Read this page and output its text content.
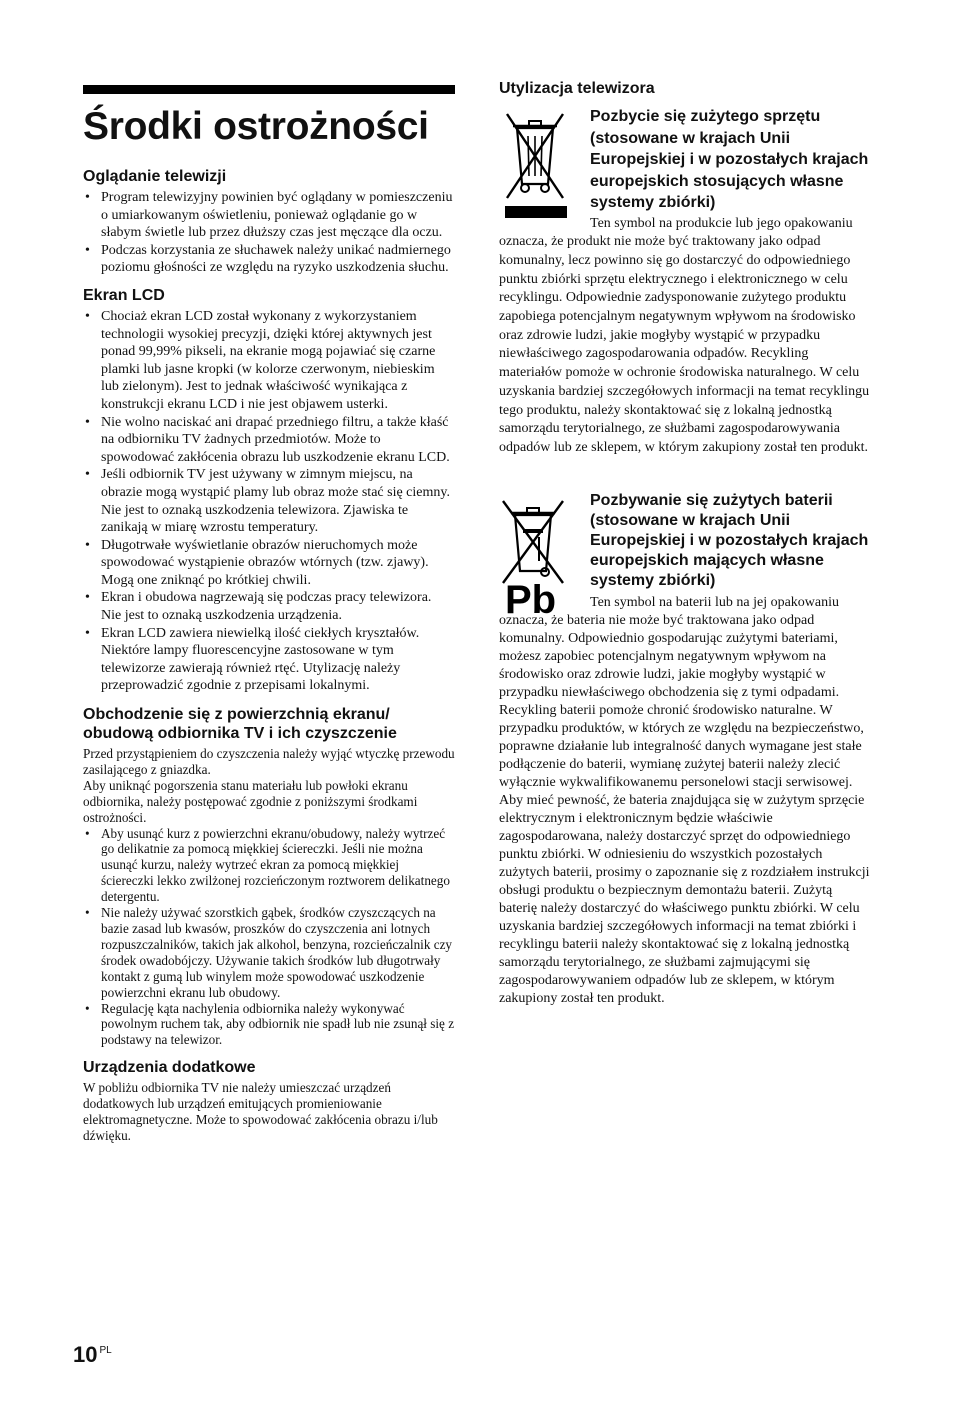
Środki ostrożności
Oglądanie telewizji
• Program telewizyjny powinien być oglądany w pomieszczeniu o umiarkowanym oświetleniu, ponieważ oglądanie go w słabym świetle lub przez dłuższy czas jest męczące dla oczu.
• Podczas korzystania ze słuchawek należy unikać nadmiernego poziomu głośności ze względu na ryzyko uszkodzenia słuchu.
Ekran LCD
• Chociaż ekran LCD został wykonany z wykorzystaniem technologii wysokiej precyzji, dzięki której aktywnych jest ponad 99,99% pikseli, na ekranie mogą pojawiać się czarne plamki lub jasne kropki (w kolorze czerwonym, niebieskim lub zielonym). Jest to jednak właściwość wynikająca z konstrukcji ekranu LCD i nie jest objawem usterki.
• Nie wolno naciskać ani drapać przedniego filtru, a także kłaść na odbiorniku TV żadnych przedmiotów. Może to spowodować zakłócenia obrazu lub uszkodzenie ekranu LCD.
• Jeśli odbiornik TV jest używany w zimnym miejscu, na obrazie mogą wystąpić plamy lub obraz może stać się ciemny. Nie jest to oznaką uszkodzenia telewizora. Zjawiska te zanikają w miarę wzrostu temperatury.
• Długotrwałe wyświetlanie obrazów nieruchomych może spowodować wystąpienie obrazów wtórnych (tzw. zjawy). Mogą one zniknąć po krótkiej chwili.
• Ekran i obudowa nagrzewają się podczas pracy telewizora. Nie jest to oznaką uszkodzenia urządzenia.
• Ekran LCD zawiera niewielką ilość ciekłych kryształów. Niektóre lampy fluorescencyjne zastosowane w tym telewizorze zawierają również rtęć. Utylizację należy przeprowadzić zgodnie z przepisami lokalnymi.
Obchodzenie się z powierzchnią ekranu/ obudową odbiornika TV i ich czyszczenie

Przed przystąpieniem do czyszczenia należy wyjąć wtyczkę przewodu zasilającego z gniazdka.

Aby uniknąć pogorszenia stanu materiału lub powłoki ekranu odbiornika, należy postępować zgodnie z poniższymi środkami ostrożności.

• Aby usunąć kurz z powierzchni ekranu/obudowy, należy wytrzeć go delikatnie za pomocą miękkiej ściereczki. Jeśli nie można usunąć kurzu, należy wytrzeć ekran za pomocą miękkiej ściereczki lekko zwilżonej rozcieńczonym roztworem delikatnego detergentu.
• Nie należy używać szorstkich gąbek, środków czyszczących na bazie zasad lub kwasów, proszków do czyszczenia ani lotnych rozpuszczalników, takich jak alkohol, benzyna, rozcieńczalnik czy środek owadobójczy. Używanie takich środków lub długotrwały kontakt z gumą lub winylem może spowodować uszkodzenie powierzchni ekranu lub obudowy.
• Regulację kąta nachylenia odbiornika należy wykonywać powolnym ruchem tak, aby odbiornik nie spadł lub nie zsunął się z podstawy na telewizor.
Urządzenia dodatkowe

W pobliżu odbiornika TV nie należy umieszczać urządzeń dodatkowych lub urządzeń emitujących promieniowanie elektromagnetyczne. Może to spowodować zakłócenia obrazu i/lub dźwięku.

Utylizacja telewizora
Pozbycie się zużytego sprzętu (stosowane w krajach Unii Europejskiej i w pozostałych krajach europejskich stosujących własne systemy zbiórki)

Ten symbol na produkcie lub jego opakowaniu oznacza, że produkt nie może być traktowany jako odpad komunalny, lecz powinno się go dostarczyć do odpowiedniego punktu zbiórki sprzętu elektrycznego i elektronicznego w celu recyklingu. Odpowiednie zadysponowanie zużytego produktu zapobiega potencjalnym negatywnym wpływom na środowisko oraz zdrowie ludzi, jakie mogłyby wystąpić w przypadku niewłaściwego zagospodarowania odpadów. Recykling materiałów pomoże w ochronie środowiska naturalnego. W celu uzyskania bardziej szczegółowych informacji na temat recyklingu tego produktu, należy skontaktować się z lokalną jednostką samorządu terytorialnego, ze służbami zagospodarowywania odpadów lub ze sklepem, w którym zakupiony został ten produkt.

Pb
Pozbywanie się zużytych baterii (stosowane w krajach Unii Europejskiej i w pozostałych krajach europejskich mających własne systemy zbiórki)

Ten symbol na baterii lub na jej opakowaniu oznacza, że bateria nie może być traktowana jako odpad komunalny. Odpowiednio gospodarując zużytymi bateriami, możesz zapobiec potencjalnym negatywnym wpływom na środowisko oraz zdrowie ludzi, jakie mogłyby wystąpić w przypadku niewłaściwego obchodzenia się z tymi odpadami. Recykling baterii pomoże chronić środowisko naturalne. W przypadku produktów, w których ze względu na bezpieczeństwo, poprawne działanie lub integralność danych wymagane jest stałe podłączenie do baterii, wymianę zużytej baterii należy zlecić wyłącznie wykwalifikowanemu personelowi stacji serwisowej. Aby mieć pewność, że bateria znajdująca się w zużytym sprzęcie elektrycznym i elektronicznym będzie właściwie zagospodarowana, należy dostarczyć sprzęt do odpowiedniego punktu zbiórki. W odniesieniu do wszystkich pozostałych zużytych baterii, prosimy o zapoznanie się z rozdziałem instrukcji obsługi produktu o bezpiecznym demontażu baterii. Zużytą baterię należy dostarczyć do właściwego punktu zbiórki. W celu uzyskania bardziej szczegółowych informacji na temat zbiórki i recyklingu baterii należy skontaktować się z lokalną jednostką samorządu terytorialnego, ze służbami zajmującymi się zagospodarowywaniem odpadów lub ze sklepem, w którym zakupiony został ten produkt.

10 $^{PL}$
